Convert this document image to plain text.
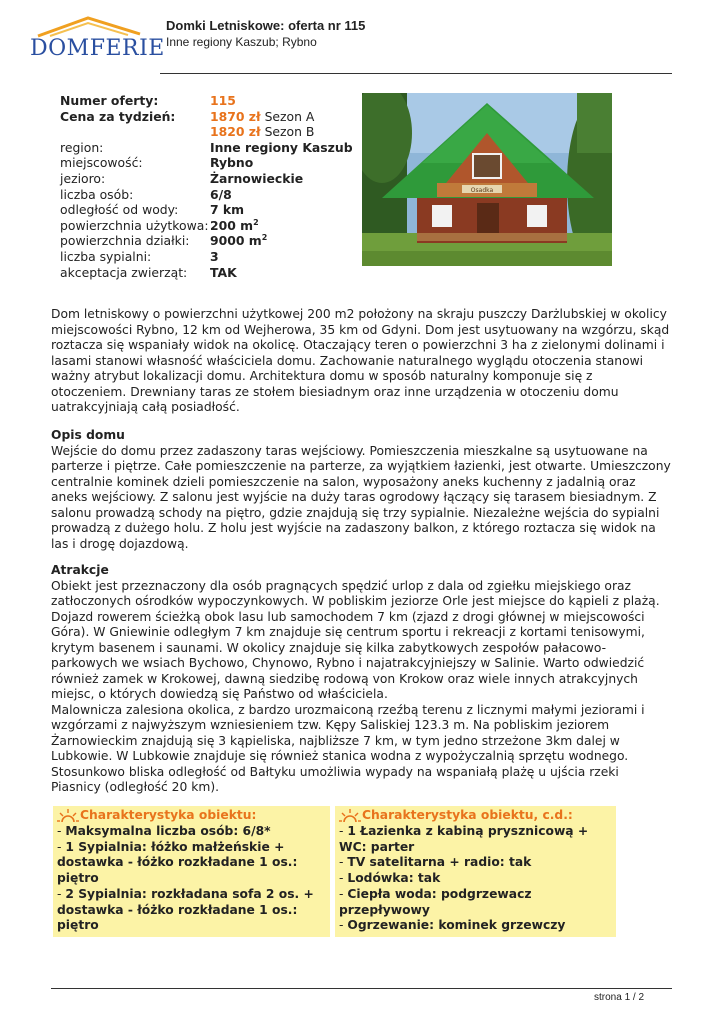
DOMFERIE
Domki Letniskowe: oferta nr 115
Inne regiony Kaszub; Rybno
Numer oferty:	115
Cena za tydzień:	1870 zł Sezon A
1820 zł Sezon B
region:	Inne regiony Kaszub
miejscowość:	Rybno
jezioro:	Żarnowieckie
liczba osób:	6/8
odległość od wody:	7 km
powierzchnia użytkowa: 200 $m^2$
powierzchnia działki:	9000 $m^2$
liczba sypialni:	3
akceptacja zwierząt:	TAK
Osadka

Dom letniskowy o powierzchni użytkowej 200 m2 położony na skraju puszczy Darżlubskiej w okolicy miejscowości Rybno, 12 km od Wejherowa, 35 km od Gdyni. Dom jest usytuowany na wzgórzu, skąd roztacza się wspaniały widok na okolicę. Otaczający teren o powierzchni 3 ha z zielonymi dolinami i lasami stanowi własność właściciela domu. Zachowanie naturalnego wyglądu otoczenia stanowi ważny atrybut lokalizacji domu. Architektura domu w sposób naturalny komponuje się z otoczeniem. Drewniany taras ze stołem biesiadnym oraz inne urządzenia w otoczeniu domu uatrakcyjniają całą posiadłość.

Opis domu

Wejście do domu przez zadaszony taras wejściowy. Pomieszczenia mieszkalne są usytuowane na parterze i piętrze. Całe pomieszczenie na parterze, za wyjątkiem łazienki, jest otwarte. Umieszczony centralnie kominek dzieli pomieszczenie na salon, wyposażony aneks kuchenny z jadalnią oraz aneks wejściowy. Z salonu jest wyjście na duży taras ogrodowy łączący się tarasem biesiadnym. Z salonu prowadzą schody na piętro, gdzie znajdują się trzy sypialnie. Niezależne wejścia do sypialni prowadzą z dużego holu. Z holu jest wyjście na zadaszony balkon, z którego roztacza się widok na las i drogę dojazdową.

Atrakcje

Obiekt jest przeznaczony dla osób pragnących spędzić urlop z dala od zgiełku miejskiego oraz zatłoczonych ośrodków wypoczynkowych. W pobliskim jeziorze Orle jest miejsce do kąpieli z plażą. Dojazd rowerem ścieżką obok lasu lub samochodem 7 km (zjazd z drogi głównej w miejscowości Góra). W Gniewinie odległym 7 km znajduje się centrum sportu i rekreacji z kortami tenisowymi, krytym basenem i saunami. W okolicy znajduje się kilka zabytkowych zespołów pałacowo-parkowych we wsiach Bychowo, Chynowo, Rybno i najatrakcyjniejszy w Salinie. Warto odwiedzić również zamek w Krokowej, dawną siedzibę rodową von Krokow oraz wiele innych atrakcyjnych miejsc, o których dowiedzą się Państwo od właściciela.

Malownicza zalesiona okolica, z bardzo urozmaiconą rzeźbą terenu z licznymi małymi jeziorami i wzgórzami z najwyższym wzniesieniem tzw. Kępy Saliskiej 123.3 m. Na pobliskim jeziorem Żarnowieckim znajdują się 3 kąpieliska, najbliższe 7 km, w tym jedno strzeżone 3km dalej w Lubkowie. W Lubkowie znajduje się również stanica wodna z wypożyczalnią sprzętu wodnego. Stosunkowo bliska odległość od Bałtyku umożliwia wypady na wspaniałą plażę u ujścia rzeki Piasnicy (odległość 20 km).

Charakterystyka obiektu:
- Maksymalna liczba osób: 6/8*
- 1 Sypialnia: łóżko małżeńskie + dostawka - łóżko rozkładane 1 os.: piętro
- 2 Sypialnia: rozkładana sofa 2 os. + dostawka - łóżko rozkładane 1 os.: piętro
Charakterystyka obiektu, c.d.:
- 1 Łazienka z kabiną prysznicową + WC: parter
- TV satelitarna + radio: tak
- Lodówka: tak
- Ciepła woda: podgrzewacz przepływowy
- Ogrzewanie: kominek grzewczy
strona 1 / 2
